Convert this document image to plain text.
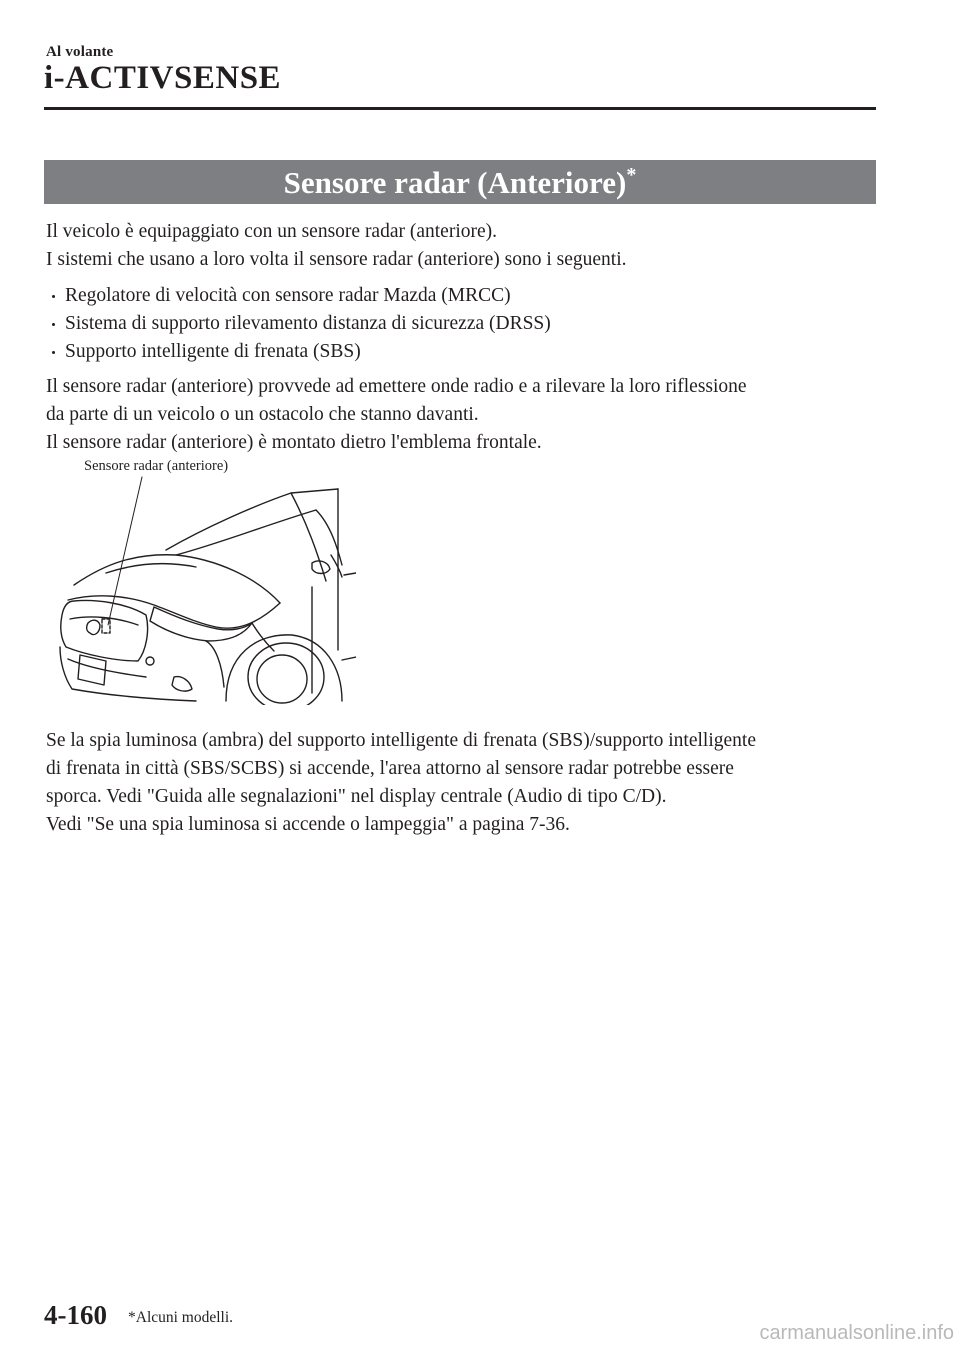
Al volante
i-ACTIVSENSE
Sensore radar (Anteriore)*

Il veicolo è equipaggiato con un sensore radar (anteriore).
I sistemi che usano a loro volta il sensore radar (anteriore) sono i seguenti.

Regolatore di velocità con sensore radar Mazda (MRCC)
Sistema di supporto rilevamento distanza di sicurezza (DRSS)
Supporto intelligente di frenata (SBS)

Il sensore radar (anteriore) provvede ad emettere onde radio e a rilevare la loro riflessione
da parte di un veicolo o un ostacolo che stanno davanti.
Il sensore radar (anteriore) è montato dietro l'emblema frontale.

Sensore radar (anteriore)

Se la spia luminosa (ambra) del supporto intelligente di frenata (SBS)/supporto intelligente
di frenata in città (SBS/SCBS) si accende, l'area attorno al sensore radar potrebbe essere
sporca. Vedi "Guida alle segnalazioni" nel display centrale (Audio di tipo C/D).
Vedi "Se una spia luminosa si accende o lampeggia" a pagina 7-36.

4-160 *Alcuni modelli.
carmanualsonline.info
